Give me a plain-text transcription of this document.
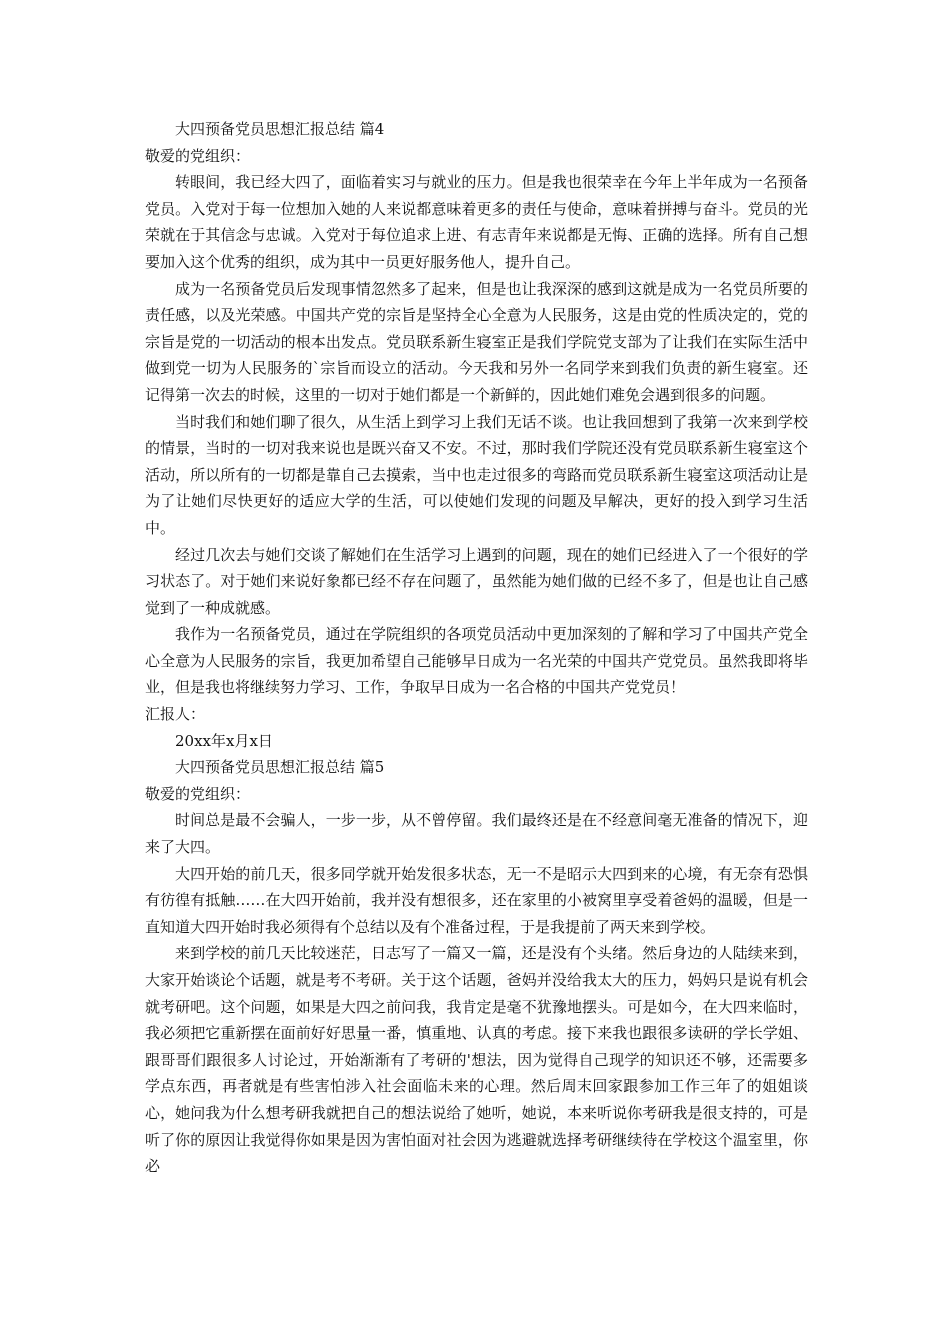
大四预备党员思想汇报总结 篇4

敬爱的党组织：

转眼间，我已经大四了，面临着实习与就业的压力。但是我也很荣幸在今年上半年成为一名预备党员。入党对于每一位想加入她的人来说都意味着更多的责任与使命，意味着拼搏与奋斗。党员的光荣就在于其信念与忠诚。入党对于每位追求上进、有志青年来说都是无悔、正确的选择。所有自己想要加入这个优秀的组织，成为其中一员更好服务他人，提升自己。

成为一名预备党员后发现事情忽然多了起来，但是也让我深深的感到这就是成为一名党员所要的责任感，以及光荣感。中国共产党的宗旨是坚持全心全意为人民服务，这是由党的性质决定的，党的宗旨是党的一切活动的根本出发点。党员联系新生寝室正是我们学院党支部为了让我们在实际生活中做到党一切为人民服务的`宗旨而设立的活动。今天我和另外一名同学来到我们负责的新生寝室。还记得第一次去的时候，这里的一切对于她们都是一个新鲜的，因此她们难免会遇到很多的问题。

当时我们和她们聊了很久，从生活上到学习上我们无话不谈。也让我回想到了我第一次来到学校的情景，当时的一切对我来说也是既兴奋又不安。不过，那时我们学院还没有党员联系新生寝室这个活动，所以所有的一切都是靠自己去摸索，当中也走过很多的弯路而党员联系新生寝室这项活动让是为了让她们尽快更好的适应大学的生活，可以使她们发现的问题及早解决，更好的投入到学习生活中。

经过几次去与她们交谈了解她们在生活学习上遇到的问题，现在的她们已经进入了一个很好的学习状态了。对于她们来说好象都已经不存在问题了，虽然能为她们做的已经不多了，但是也让自己感觉到了一种成就感。

我作为一名预备党员，通过在学院组织的各项党员活动中更加深刻的了解和学习了中国共产党全心全意为人民服务的宗旨，我更加希望自己能够早日成为一名光荣的中国共产党党员。虽然我即将毕业，但是我也将继续努力学习、工作，争取早日成为一名合格的中国共产党党员！

汇报人：

20xx年x月x日

大四预备党员思想汇报总结 篇5

敬爱的党组织：

时间总是最不会骗人，一步一步，从不曾停留。我们最终还是在不经意间毫无准备的情况下，迎来了大四。

大四开始的前几天，很多同学就开始发很多状态，无一不是昭示大四到来的心境，有无奈有恐惧有彷徨有抵触……在大四开始前，我并没有想很多，还在家里的小被窝里享受着爸妈的温暖，但是一直知道大四开始时我必须得有个总结以及有个准备过程，于是我提前了两天来到学校。

来到学校的前几天比较迷茫，日志写了一篇又一篇，还是没有个头绪。然后身边的人陆续来到，大家开始谈论个话题，就是考不考研。关于这个话题，爸妈并没给我太大的压力，妈妈只是说有机会就考研吧。这个问题，如果是大四之前问我，我肯定是毫不犹豫地摆头。可是如今，在大四来临时，我必须把它重新摆在面前好好思量一番，慎重地、认真的考虑。接下来我也跟很多读研的学长学姐、跟哥哥们跟很多人讨论过，开始渐渐有了考研的'想法，因为觉得自己现学的知识还不够，还需要多学点东西，再者就是有些害怕涉入社会面临未来的心理。然后周末回家跟参加工作三年了的姐姐谈心，她问我为什么想考研我就把自己的想法说给了她听，她说，本来听说你考研我是很支持的，可是听了你的原因让我觉得你如果是因为害怕面对社会因为逃避就选择考研继续待在学校这个温室里，你必
